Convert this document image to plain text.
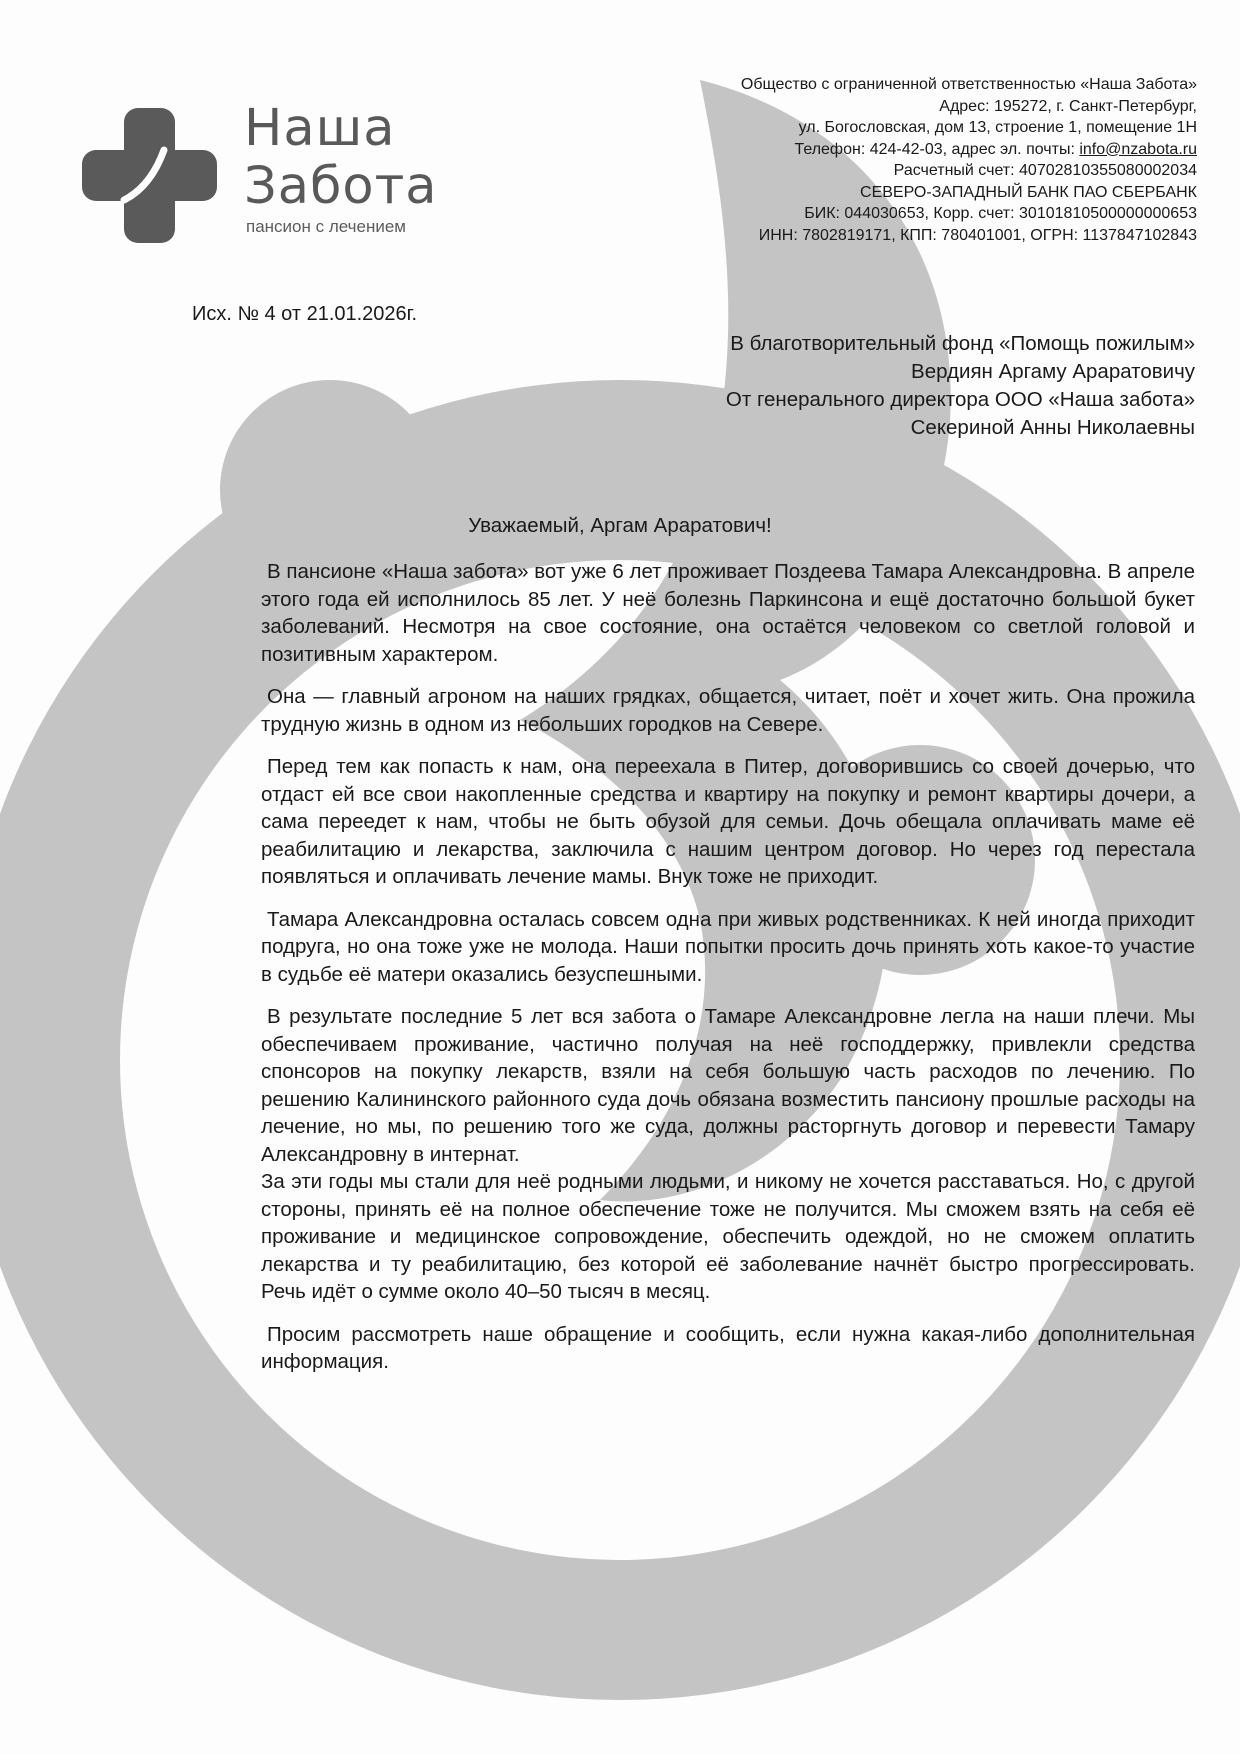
Наша
Забота
пансион с лечением
Общество с ограниченной ответственностью «Наша Забота»
Адрес: 195272, г. Санкт-Петербург,
ул. Богословская, дом 13, строение 1, помещение 1Н
Телефон: 424-42-03, адрес эл. почты: info@nzabota.ru
Расчетный счет: 40702810355080002034
СЕВЕРО-ЗАПАДНЫЙ БАНК ПАО СБЕРБАНК
БИК: 044030653, Корр. счет: 30101810500000000653
ИНН: 7802819171, КПП: 780401001, ОГРН: 1137847102843
Исх. № 4 от 21.01.2026г.
В благотворительный фонд «Помощь пожилым»
Вердиян Аргаму Араратовичу
От генерального директора ООО «Наша забота»
Секериной Анны Николаевны
Уважаемый, Аргам Араратович!

В пансионе «Наша забота» вот уже 6 лет проживает Поздеева Тамара Александровна. В апреле этого года ей исполнилось 85 лет. У неё болезнь Паркинсона и ещё достаточно большой букет заболеваний. Несмотря на свое состояние, она остаётся человеком со светлой головой и позитивным характером.

Она — главный агроном на наших грядках, общается, читает, поёт и хочет жить. Она прожила трудную жизнь в одном из небольших городков на Севере.

Перед тем как попасть к нам, она переехала в Питер, договорившись со своей дочерью, что отдаст ей все свои накопленные средства и квартиру на покупку и ремонт квартиры дочери, а сама переедет к нам, чтобы не быть обузой для семьи. Дочь обещала оплачивать маме её реабилитацию и лекарства, заключила с нашим центром договор. Но через год перестала появляться и оплачивать лечение мамы. Внук тоже не приходит.

Тамара Александровна осталась совсем одна при живых родственниках. К ней иногда приходит подруга, но она тоже уже не молода. Наши попытки просить дочь принять хоть какое-то участие в судьбе её матери оказались безуспешными.

В результате последние 5 лет вся забота о Тамаре Александровне легла на наши плечи. Мы обеспечиваем проживание, частично получая на неё господдержку, привлекли средства спонсоров на покупку лекарств, взяли на себя большую часть расходов по лечению. По решению Калининского районного суда дочь обязана возместить пансиону прошлые расходы на лечение, но мы, по решению того же суда, должны расторгнуть договор и перевести Тамару Александровну в интернат.

За эти годы мы стали для неё родными людьми, и никому не хочется расставаться. Но, с другой стороны, принять её на полное обеспечение тоже не получится. Мы сможем взять на себя её проживание и медицинское сопровождение, обеспечить одеждой, но не сможем оплатить лекарства и ту реабилитацию, без которой её заболевание начнёт быстро прогрессировать. Речь идёт о сумме около 40–50 тысяч в месяц.

Просим рассмотреть наше обращение и сообщить, если нужна какая-либо дополнительная информация.
